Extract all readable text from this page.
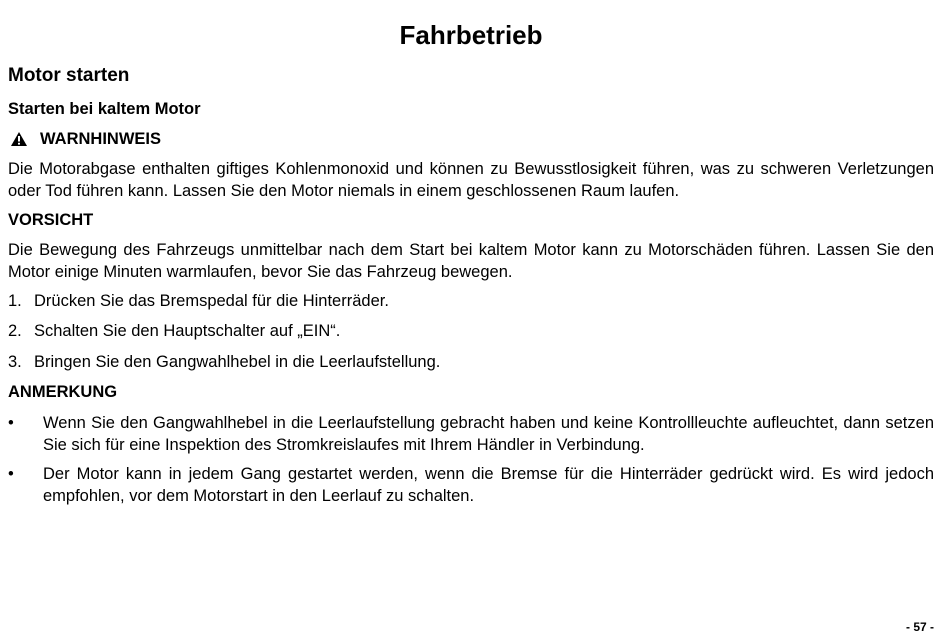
Fahrbetrieb
Motor starten
Starten bei kaltem Motor
WARNHINWEIS

Die Motorabgase enthalten giftiges Kohlenmonoxid und können zu Bewusstlosigkeit führen, was zu schweren Verletzungen oder Tod führen kann. Lassen Sie den Motor niemals in einem geschlossenen Raum laufen.

VORSICHT

Die Bewegung des Fahrzeugs unmittelbar nach dem Start bei kaltem Motor kann zu Motorschäden führen. Lassen Sie den Motor einige Minuten warmlaufen, bevor Sie das Fahrzeug bewegen.

1. Drücken Sie das Bremspedal für die Hinterräder.
2. Schalten Sie den Hauptschalter auf „EIN“.
3. Bringen Sie den Gangwahlhebel in die Leerlaufstellung.
ANMERKUNG
• Wenn Sie den Gangwahlhebel in die Leerlaufstellung gebracht haben und keine Kontrollleuchte aufleuchtet, dann setzen Sie sich für eine Inspektion des Stromkreislaufes mit Ihrem Händler in Verbindung.
• Der Motor kann in jedem Gang gestartet werden, wenn die Bremse für die Hinterräder gedrückt wird. Es wird jedoch empfohlen, vor dem Motorstart in den Leerlauf zu schalten.
- 57 -
